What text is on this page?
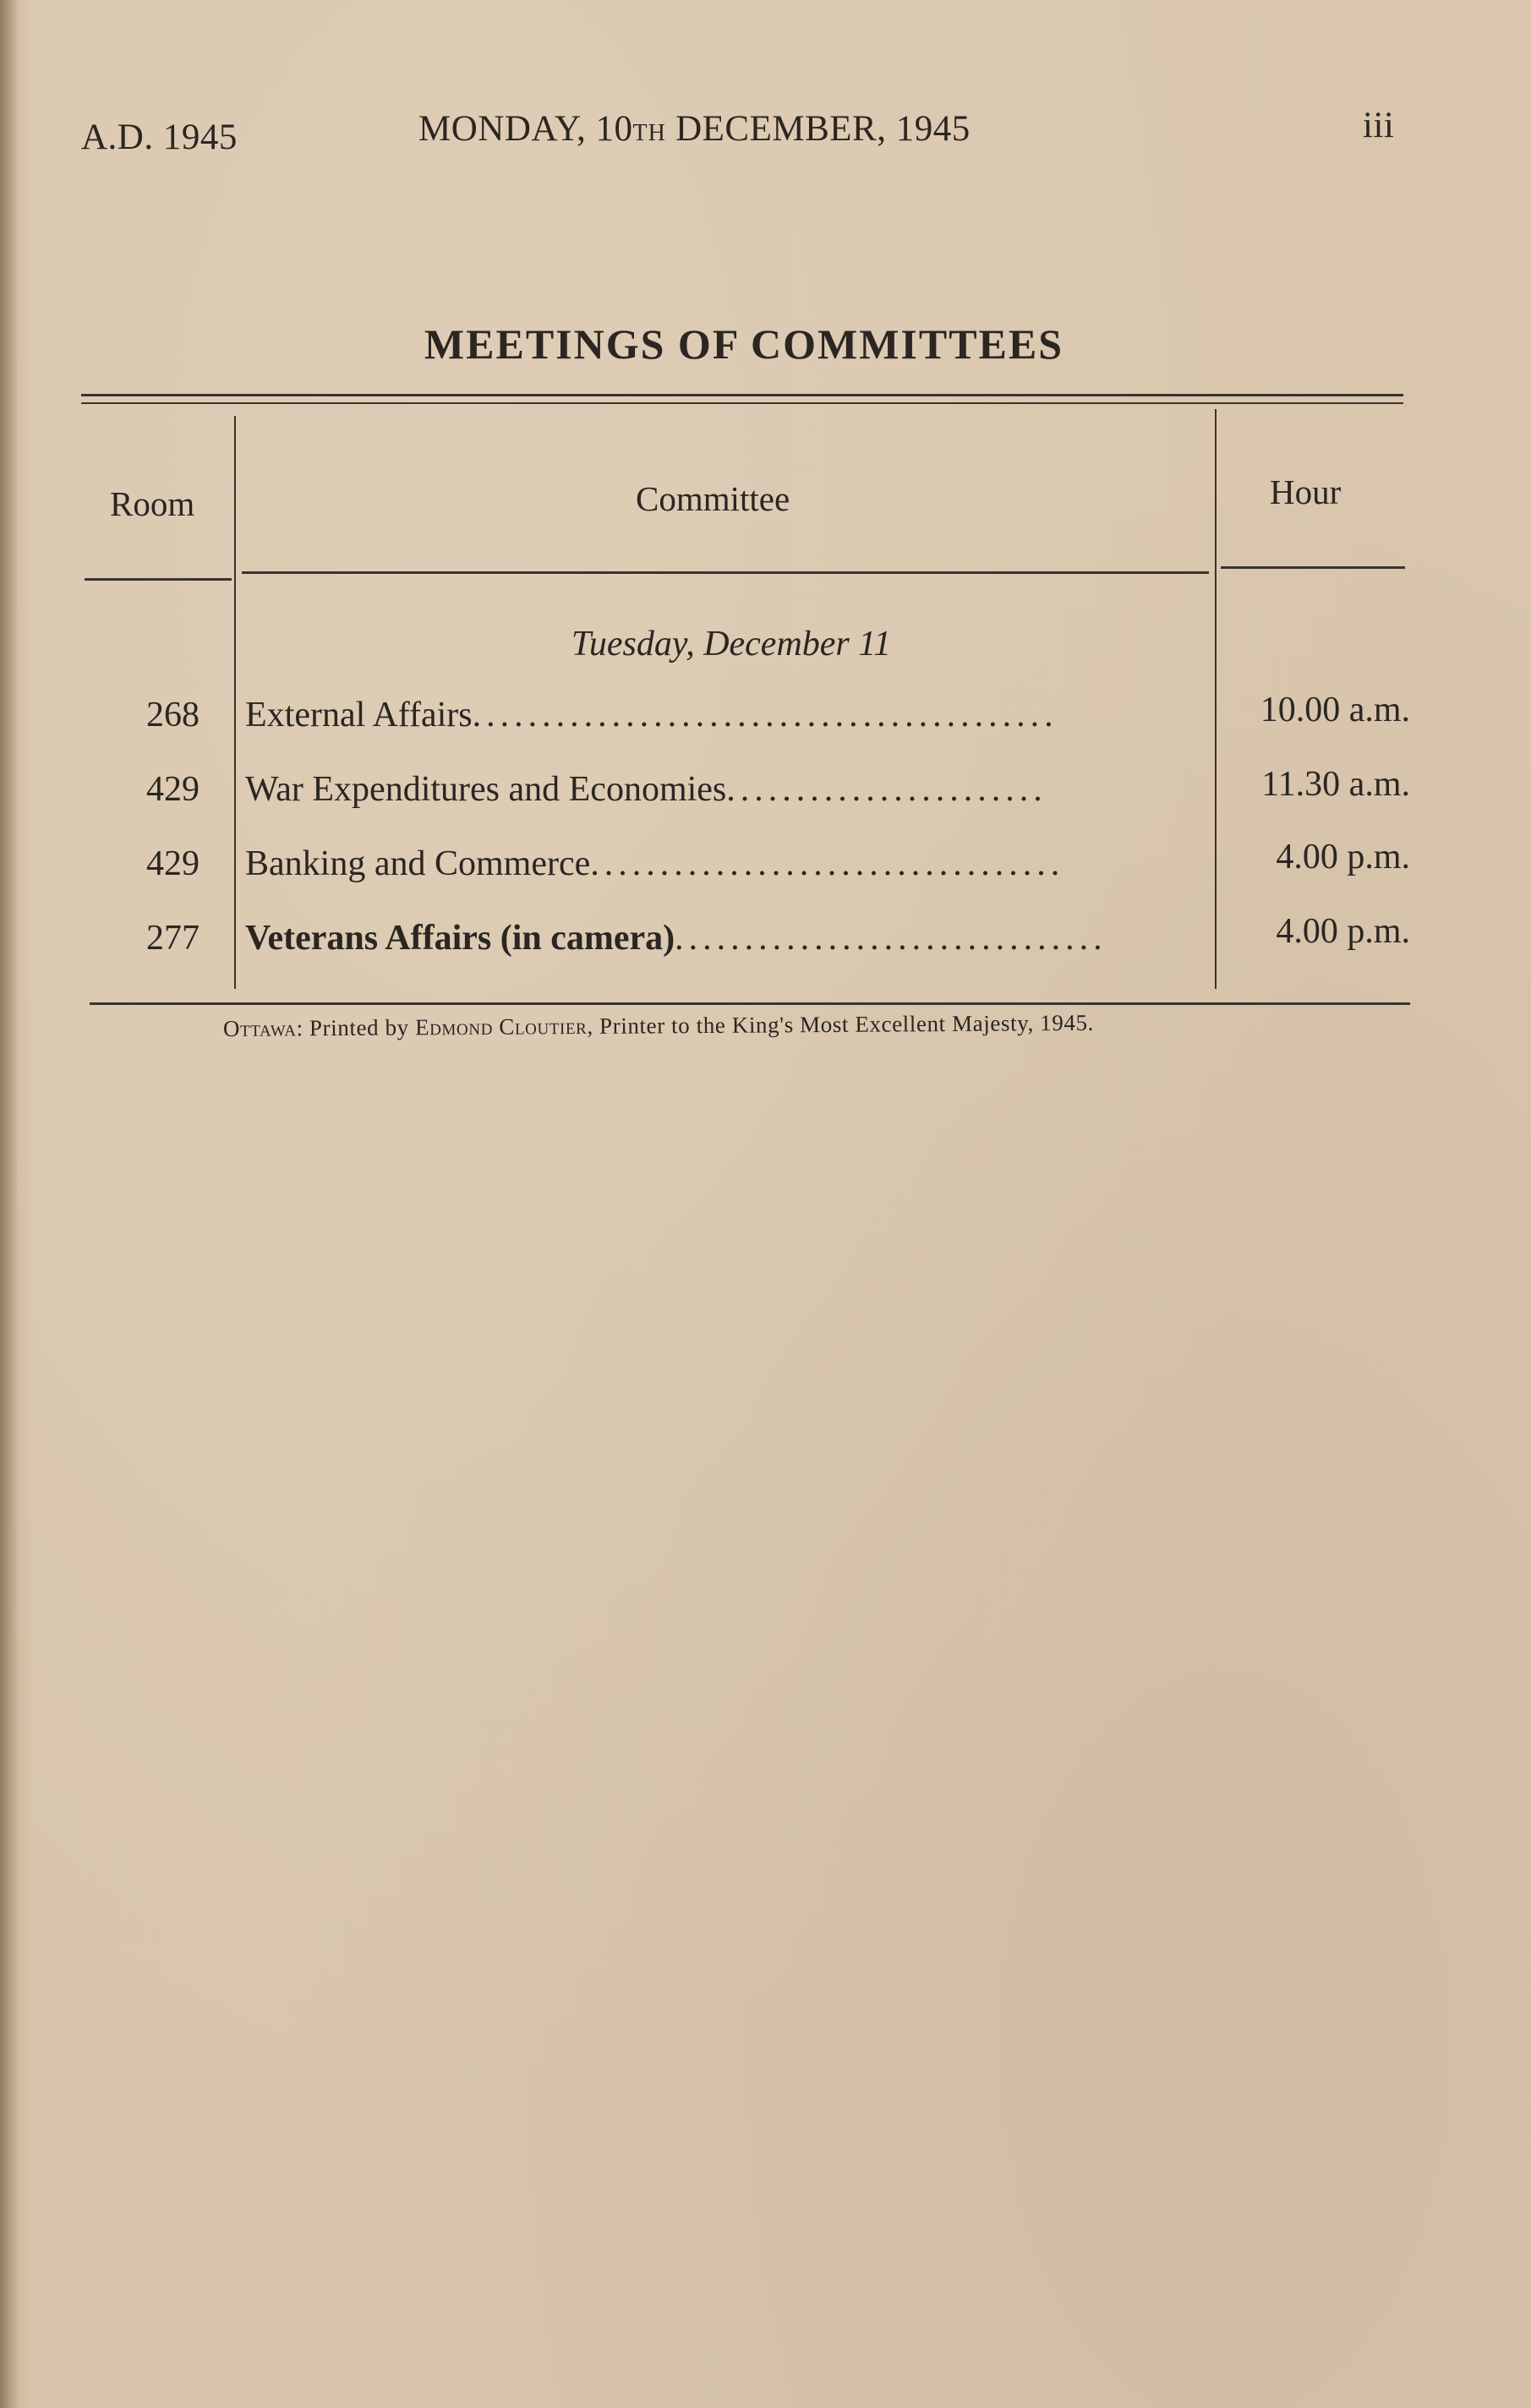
A.D. 1945	MONDAY, 10TH DECEMBER, 1945	iii
MEETINGS OF COMMITTEES
Room	Committee	Hour
Tuesday, December 11
268 External Affairs..........................................	10.00 a.m.
429 War Expenditures and Economies.......................	11.30 a.m.
429 Banking and Commerce..................................	4.00 p.m.
277 Veterans Affairs (in camera)...............................	4.00 p.m.
Ottawa: Printed by Edmond Cloutier, Printer to the King's Most Excellent Majesty, 1945.
